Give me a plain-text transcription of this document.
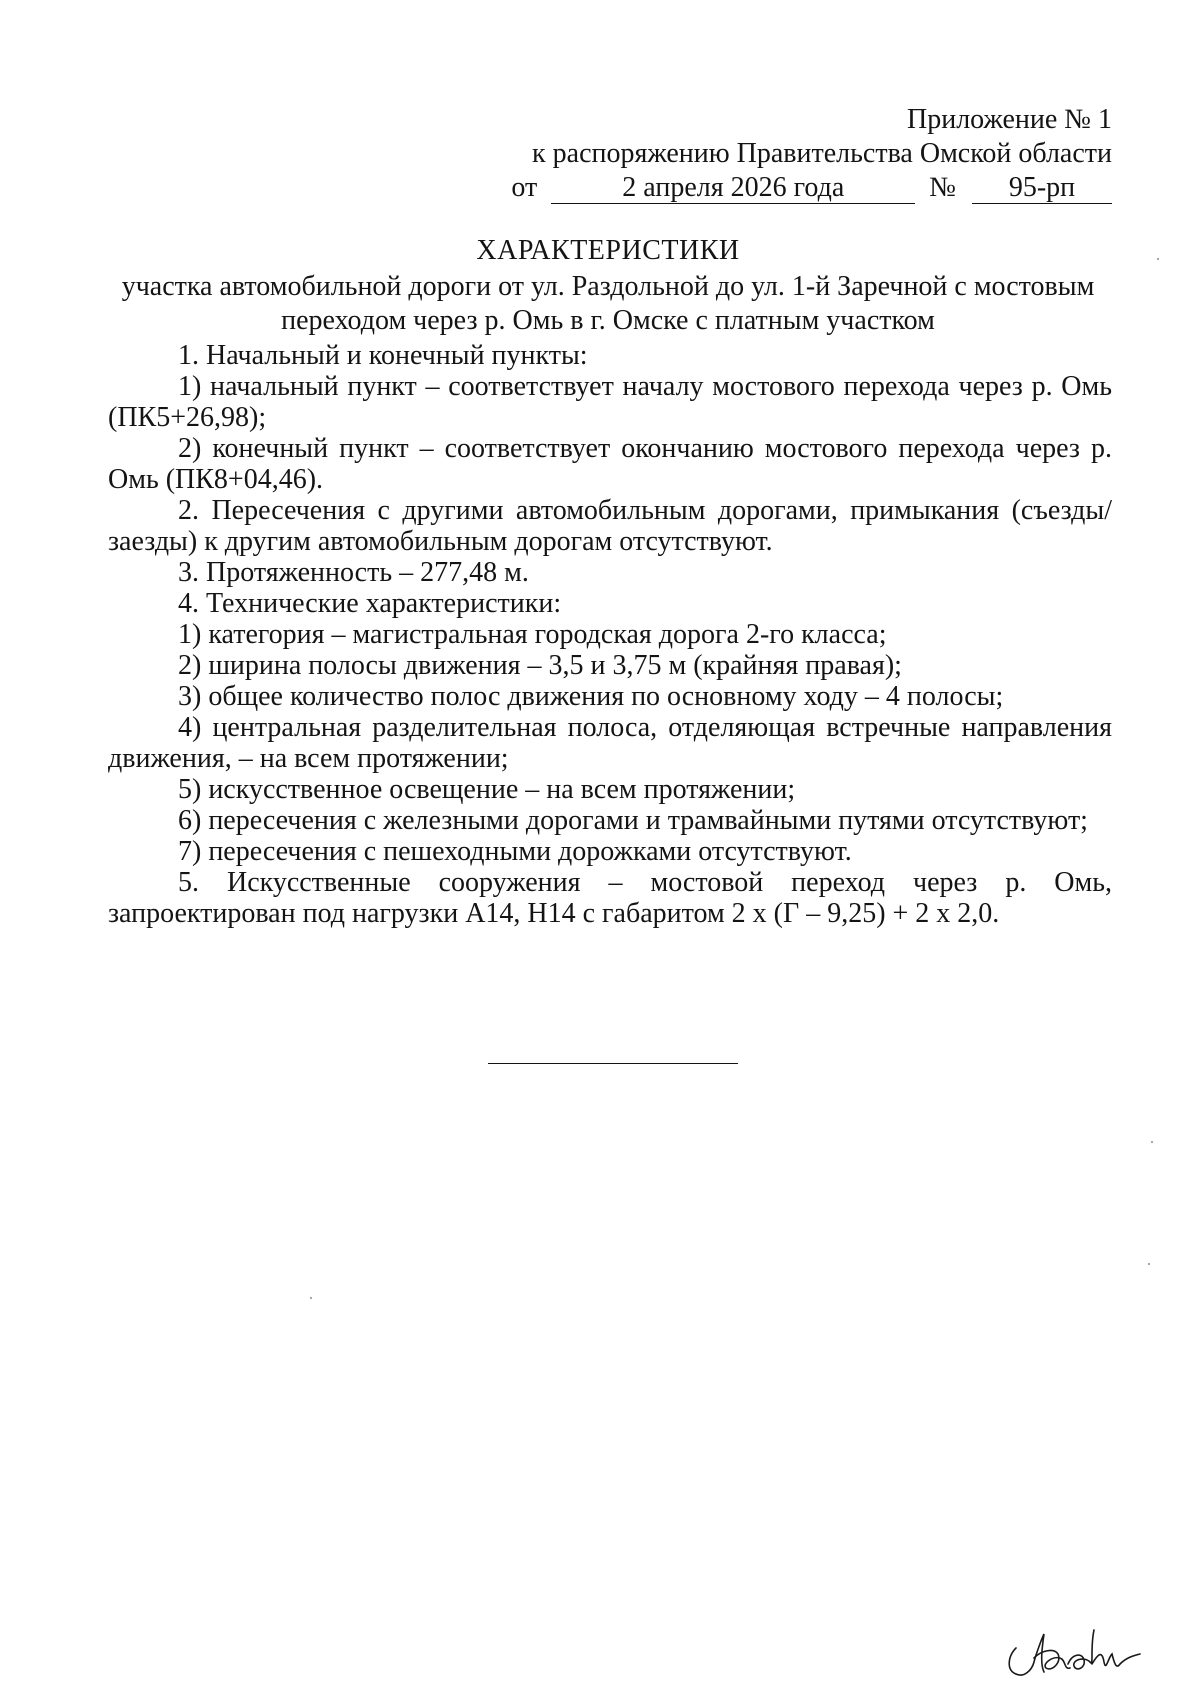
Приложение № 1
к распоряжению Правительства Омской области
от	2 апреля 2026 года	№	95-рп
ХАРАКТЕРИСТИКИ
участка автомобильной дороги от ул. Раздольной до ул. 1-й Заречной с мостовым переходом через р. Омь в г. Омске с платным участком

1. Начальный и конечный пункты:

1) начальный пункт – соответствует началу мостового перехода через р. Омь (ПК5+26,98);

2) конечный пункт – соответствует окончанию мостового перехода через р. Омь (ПК8+04,46).

2. Пересечения с другими автомобильным дорогами, примыкания (съезды/заезды) к другим автомобильным дорогам отсутствуют.

3. Протяженность – 277,48 м.

4. Технические характеристики:

1) категория – магистральная городская дорога 2-го класса;

2) ширина полосы движения – 3,5 и 3,75 м (крайняя правая);

3) общее количество полос движения по основному ходу – 4 полосы;

4) центральная разделительная полоса, отделяющая встречные направления движения, – на всем протяжении;

5) искусственное освещение – на всем протяжении;

6) пересечения с железными дорогами и трамвайными путями отсутствуют;

7) пересечения с пешеходными дорожками отсутствуют.

5. Искусственные сооружения – мостовой переход через р. Омь, запроектирован под нагрузки А14, Н14 с габаритом 2 х (Г – 9,25) + 2 х 2,0.
